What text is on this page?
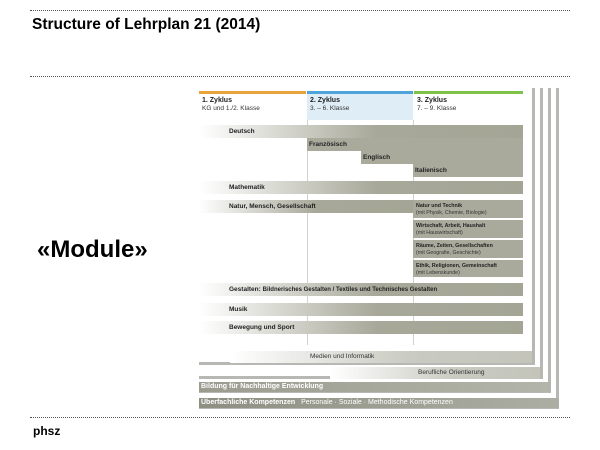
Structure of Lehrplan 21 (2014)
«Module»
phsz
Bildung für Nachhaltige Entwicklung
Überfachliche Kompetenzen Personale · Soziale · Methodische Kompetenzen
1. Zyklus
KG und 1./2. Klasse
2. Zyklus
3. – 6. Klasse
3. Zyklus
7. – 9. Klasse
Deutsch
Französisch
Englisch
Italienisch
Mathematik
Natur, Mensch, Gesellschaft	Natur und Technik
(mit Physik, Chemie, Biologie)
Wirtschaft, Arbeit, Haushalt
(mit Hauswirtschaft)
Räume, Zeiten, Gesellschaften
(mit Geografie, Geschichte)
Ethik, Religionen, Gemeinschaft
(mit Lebenskunde)
Gestalten: Bildnerisches Gestalten / Textiles und Technisches Gestalten
Musik
Bewegung und Sport
Medien und Informatik
Berufliche Orientierung
